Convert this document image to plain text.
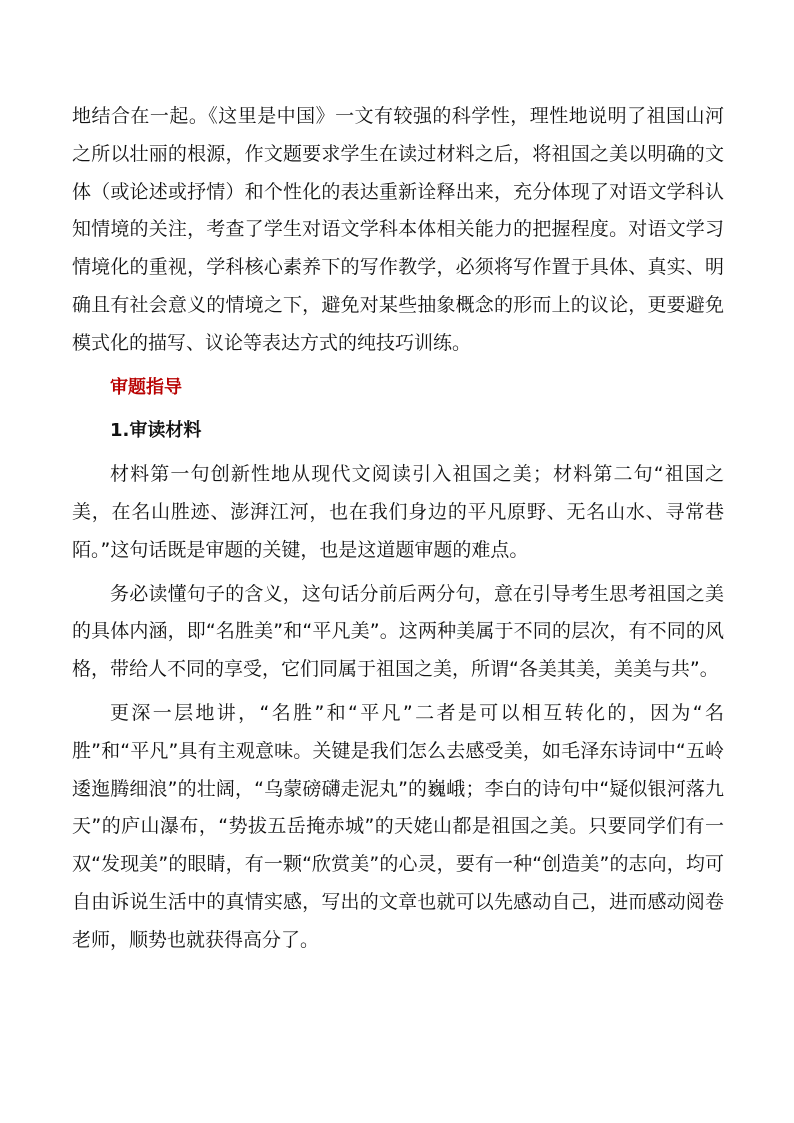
地结合在一起。《这里是中国》一文有较强的科学性，理性地说明了祖国山河之所以壮丽的根源，作文题要求学生在读过材料之后，将祖国之美以明确的文体（或论述或抒情）和个性化的表达重新诠释出来，充分体现了对语文学科认知情境的关注，考查了学生对语文学科本体相关能力的把握程度。对语文学习情境化的重视，学科核心素养下的写作教学，必须将写作置于具体、真实、明确且有社会意义的情境之下，避免对某些抽象概念的形而上的议论，更要避免模式化的描写、议论等表达方式的纯技巧训练。

审题指导
1.审读材料

材料第一句创新性地从现代文阅读引入祖国之美；材料第二句“祖国之美，在名山胜迹、澎湃江河，也在我们身边的平凡原野、无名山水、寻常巷陌。”这句话既是审题的关键，也是这道题审题的难点。

务必读懂句子的含义，这句话分前后两分句，意在引导考生思考祖国之美的具体内涵，即“名胜美”和“平凡美”。这两种美属于不同的层次，有不同的风格，带给人不同的享受，它们同属于祖国之美，所谓“各美其美，美美与共”。

更深一层地讲，“名胜”和“平凡”二者是可以相互转化的，因为“名胜”和“平凡”具有主观意味。关键是我们怎么去感受美，如毛泽东诗词中“五岭逶迤腾细浪”的壮阔，“乌蒙磅礴走泥丸”的巍峨；李白的诗句中“疑似银河落九天”的庐山瀑布，“势拔五岳掩赤城”的天姥山都是祖国之美。只要同学们有一双“发现美”的眼睛，有一颗“欣赏美”的心灵，要有一种“创造美”的志向，均可自由诉说生活中的真情实感，写出的文章也就可以先感动自己，进而感动阅卷老师，顺势也就获得高分了。
